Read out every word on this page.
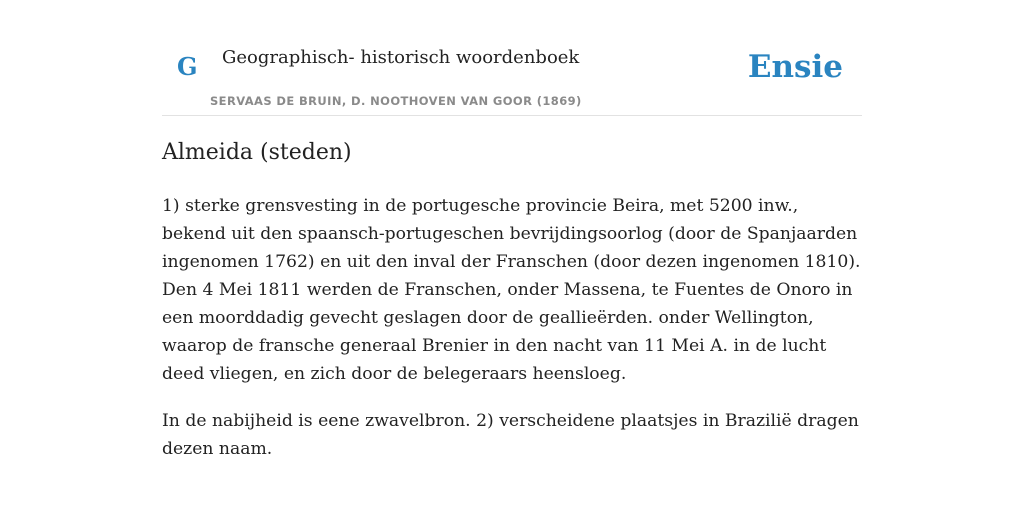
G Geographisch- historisch woordenboek
SERVAAS DE BRUIN, D. NOOTHOVEN VAN GOOR (1869)
Ensie
Almeida (steden)

1) sterke grensvesting in de portugesche provincie Beira, met 5200 inw., bekend uit den spaansch-portugeschen bevrijdingsoorlog (door de Spanjaarden ingenomen 1762) en uit den inval der Franschen (door dezen ingenomen 1810). Den 4 Mei 1811 werden de Franschen, onder Massena, te Fuentes de Onoro in een moorddadig gevecht geslagen door de geallieërden. onder Wellington, waarop de fransche generaal Brenier in den nacht van 11 Mei A. in de lucht deed vliegen, en zich door de belegeraars heensloeg.

In de nabijheid is eene zwavelbron. 2) verscheidene plaatsjes in Brazilië dragen dezen naam.
